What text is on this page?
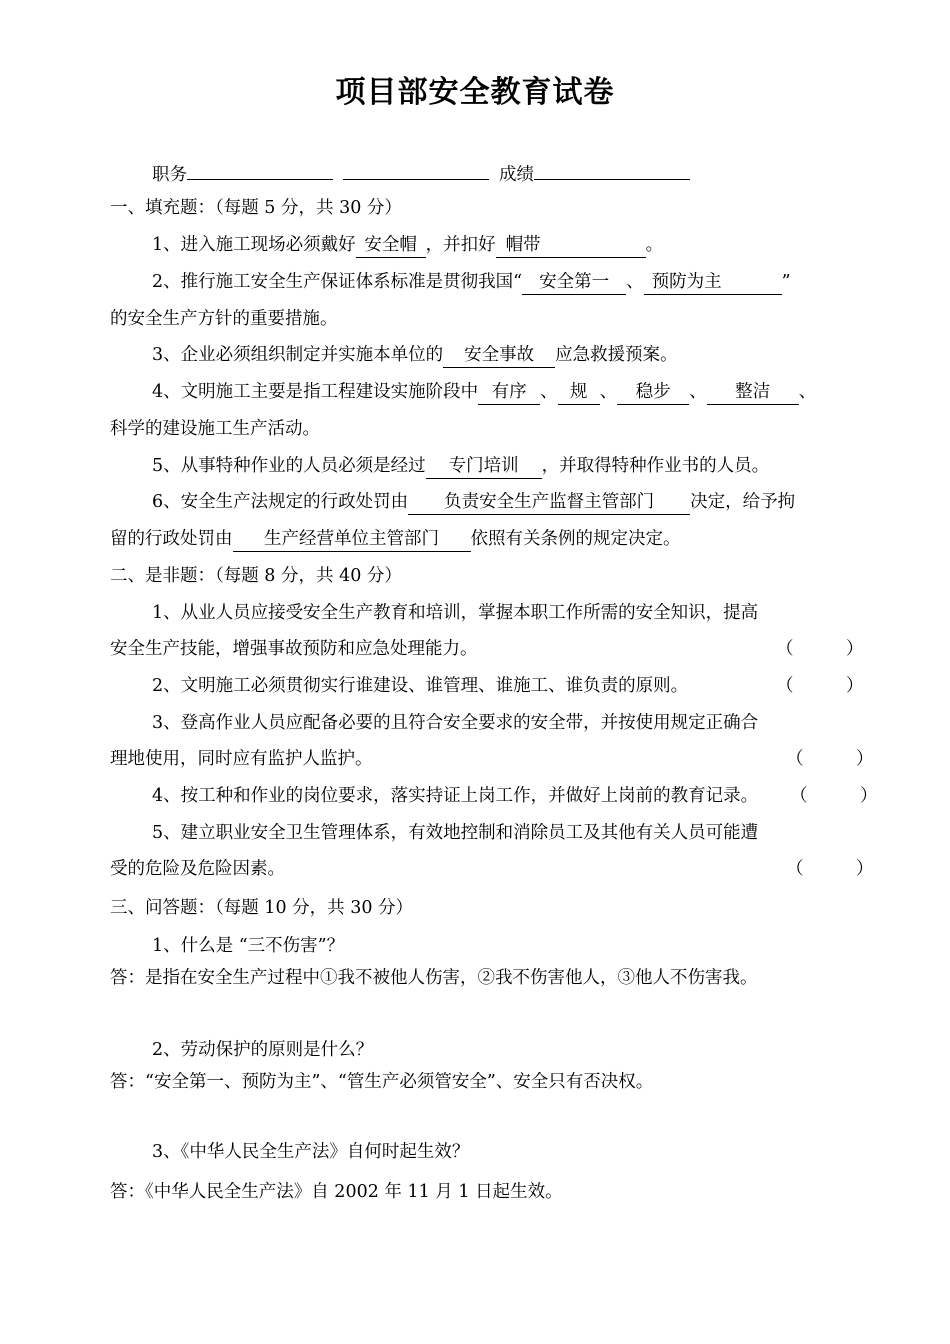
项目部安全教育试卷
职务	成绩
一、填充题：（每题 5 分，共 30 分）
1、进入施工现场必须戴好 安全帽 ，并扣好 帽带	。
2、推行施工安全生产保证体系标准是贯彻我国“ 安全第一 、 预防为主	”
的安全生产方针的重要措施。
3、企业必须组织制定并实施本单位的 安全事故 应急救援预案。
4、文明施工主要是指工程建设实施阶段中 有序 、 规 、 稳步 、 整洁 、
科学的建设施工生产活动。
5、从事特种作业的人员必须是经过 专门培训 ，并取得特种作业书的人员。
6、安全生产法规定的行政处罚由 负责安全生产监督主管部门 决定，给予拘
留的行政处罚由 生产经营单位主管部门 依照有关条例的规定决定。
二、是非题：（每题 8 分，共 40 分）
1、从业人员应接受安全生产教育和培训，掌握本职工作所需的安全知识，提高
安全生产技能，增强事故预防和应急处理能力。	（　　　）
2、文明施工必须贯彻实行谁建设、谁管理、谁施工、谁负责的原则。	（　　　）
3、登高作业人员应配备必要的且符合安全要求的安全带，并按使用规定正确合
理地使用，同时应有监护人监护。	（　　　）
4、按工种和作业的岗位要求，落实持证上岗工作，并做好上岗前的教育记录。 （　　　）
5、建立职业安全卫生管理体系，有效地控制和消除员工及其他有关人员可能遭
受的危险及危险因素。	（　　　）
三、问答题：（每题 10 分，共 30 分）
1、什么是 “三不伤害”？
答：是指在安全生产过程中①我不被他人伤害，②我不伤害他人，③他人不伤害我。
2、劳动保护的原则是什么？
答：“安全第一、预防为主”、“管生产必须管安全”、安全只有否决权。
3、《中华人民全生产法》自何时起生效？
答：《中华人民全生产法》自 2002 年 11 月 1 日起生效。
